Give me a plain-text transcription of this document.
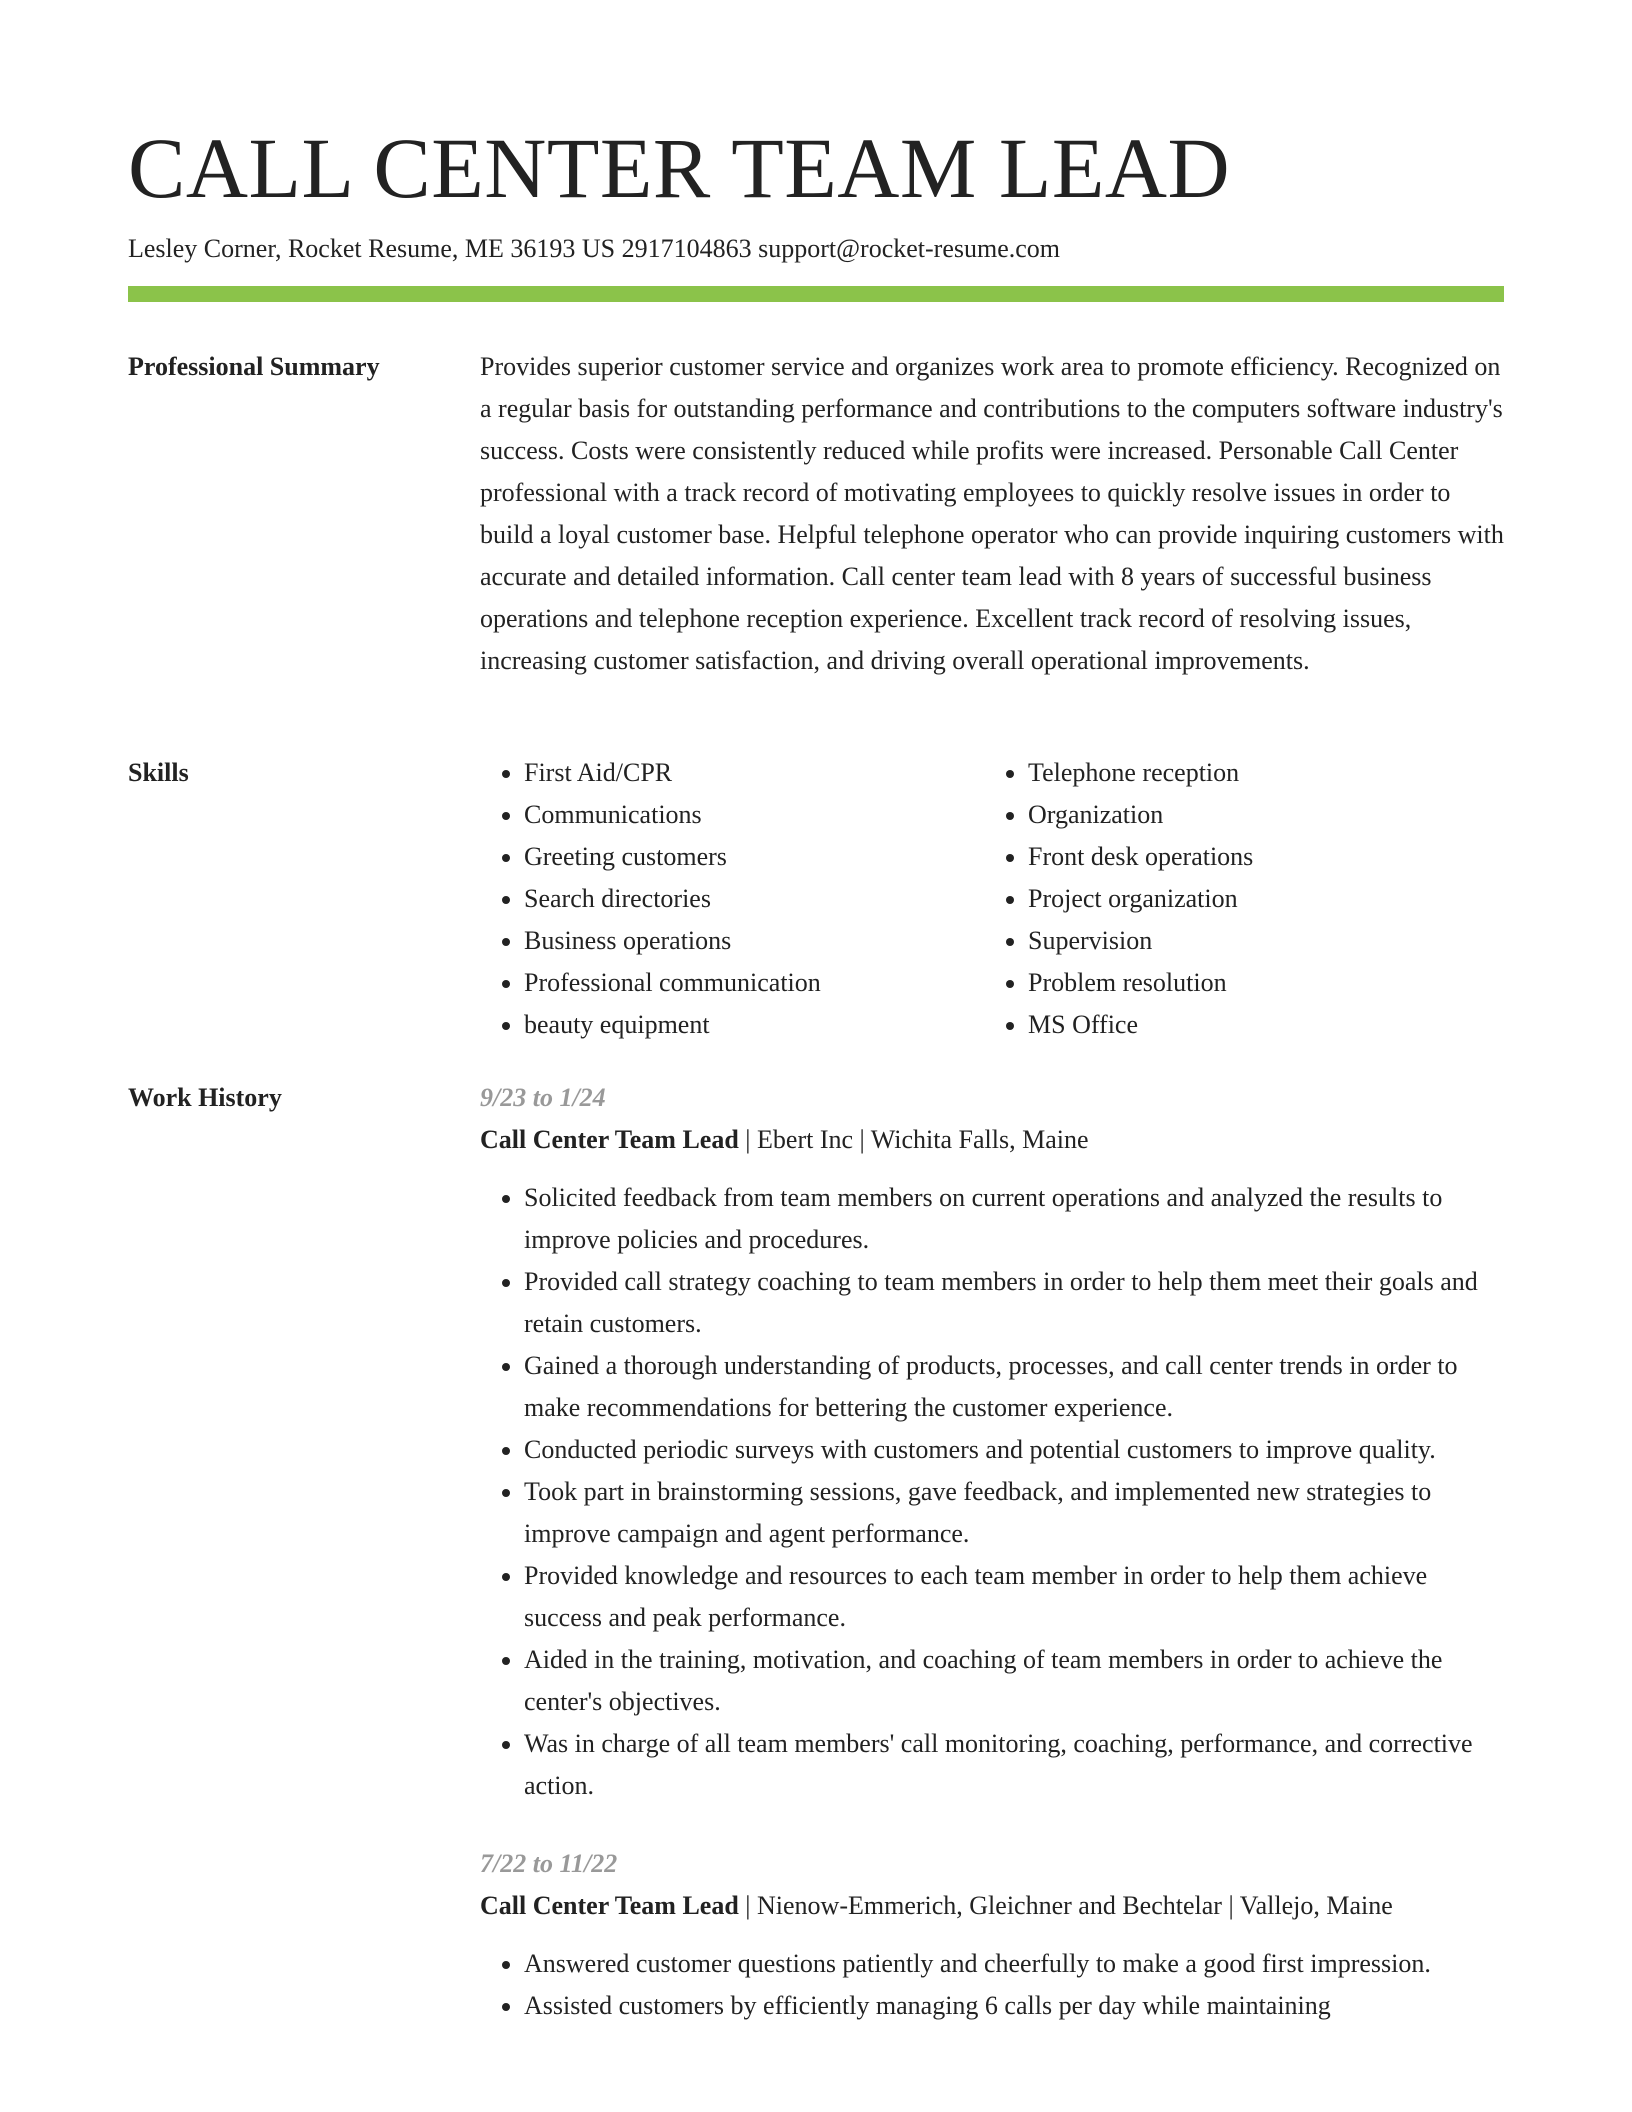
CALL CENTER TEAM LEAD
Lesley Corner, Rocket Resume, ME 36193 US 2917104863 support@rocket-resume.com
Professional Summary	Provides superior customer service and organizes work area to promote efficiency. Recognized on a regular basis for outstanding performance and contributions to the computers software industry's success. Costs were consistently reduced while profits were increased. Personable Call Center professional with a track record of motivating employees to quickly resolve issues in order to build a loyal customer base. Helpful telephone operator who can provide inquiring customers with accurate and detailed information. Call center team lead with 8 years of successful business operations and telephone reception experience. Excellent track record of resolving issues, increasing customer satisfaction, and driving overall operational improvements.

Skills
•	First Aid/CPR
• Communications
• Greeting customers
• Search directories
• Business operations
• Professional communication
• beauty equipment
• Telephone reception
• Organization
• Front desk operations
• Project organization
• Supervision
• Problem resolution
• MS Office
Work History	9/23 to 1/24

Call Center Team Lead | Ebert Inc | Wichita Falls, Maine

• Solicited feedback from team members on current operations and analyzed the results to improve policies and procedures.
• Provided call strategy coaching to team members in order to help them meet their goals and retain customers.
• Gained a thorough understanding of products, processes, and call center trends in order to make recommendations for bettering the customer experience.
• Conducted periodic surveys with customers and potential customers to improve quality.
• Took part in brainstorming sessions, gave feedback, and implemented new strategies to improve campaign and agent performance.
• Provided knowledge and resources to each team member in order to help them achieve success and peak performance.
• Aided in the training, motivation, and coaching of team members in order to achieve the center's objectives.
• Was in charge of all team members' call monitoring, coaching, performance, and corrective action.

7/22 to 11/22

Call Center Team Lead | Nienow-Emmerich, Gleichner and Bechtelar | Vallejo, Maine

• Answered customer questions patiently and cheerfully to make a good first impression.
• Assisted customers by efficiently managing 6 calls per day while maintaining
